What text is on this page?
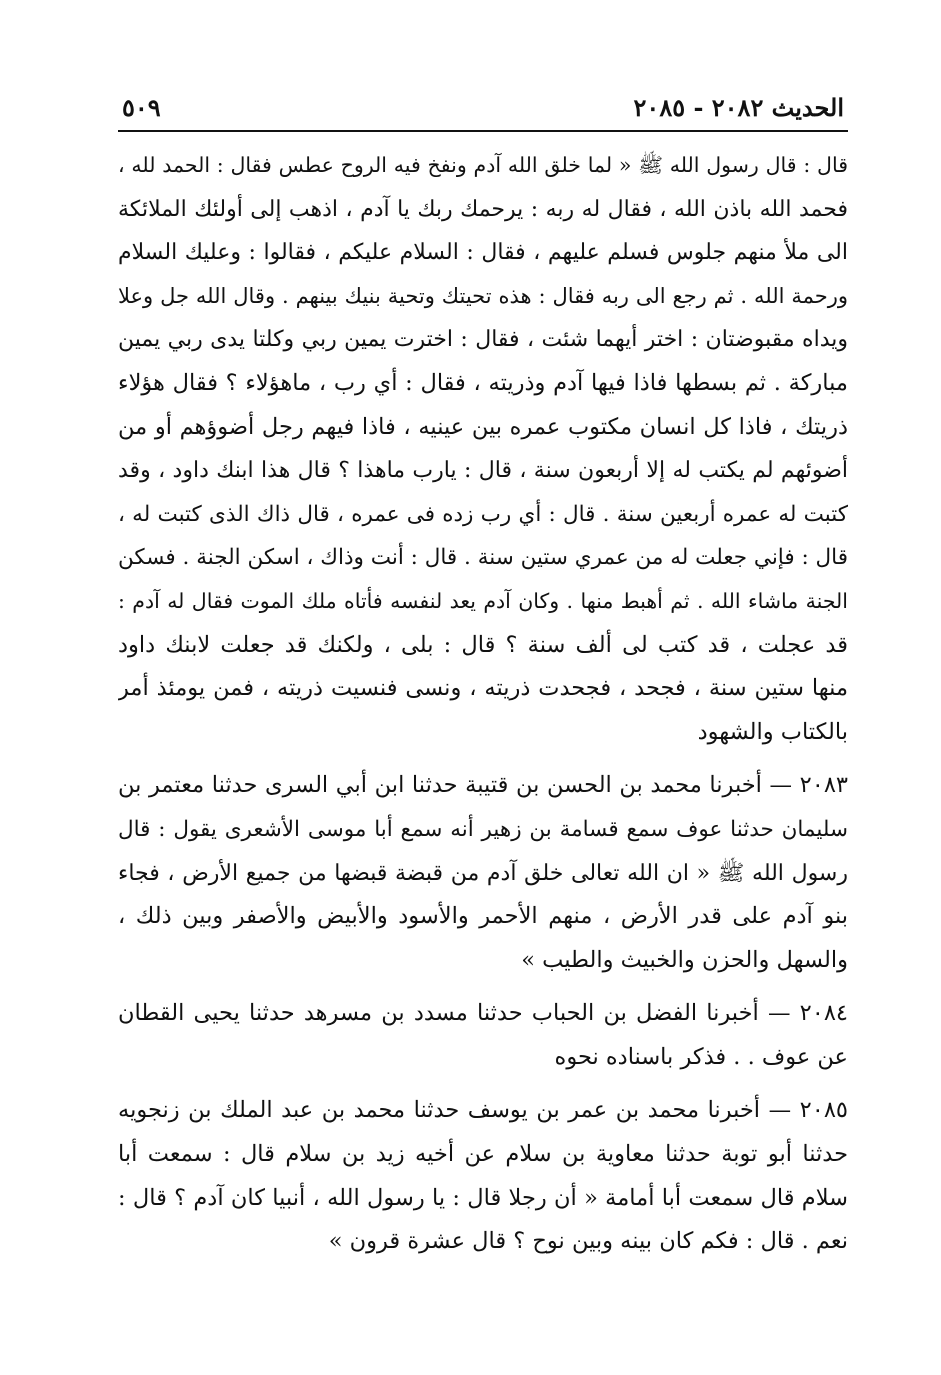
الحديث ٢٠٨٢ - ٢٠٨٥
٥٠٩
قال : قال رسول الله ﷺ « لما خلق الله آدم ونفخ فيه الروح عطس فقال : الحمد لله ،
فحمد الله باذن الله ، فقال له ربه : يرحمك ربك يا آدم ، اذهب إلى أولئك الملائكة
الى ملأ منهم جلوس فسلم عليهم ، فقال : السلام عليكم ، فقالوا : وعليك السلام
ورحمة الله . ثم رجع الى ربه فقال : هذه تحيتك وتحية بنيك بينهم . وقال الله جل وعلا
ويداه مقبوضتان : اختر أيهما شئت ، فقال : اخترت يمين ربي وكلتا يدى ربي يمين
مباركة . ثم بسطها فاذا فيها آدم وذريته ، فقال : أي رب ، ماهؤلاء ؟ فقال هؤلاء
ذريتك ، فاذا كل انسان مكتوب عمره بين عينيه ، فاذا فيهم رجل أضوؤهم أو من
أضوئهم لم يكتب له إلا أربعون سنة ، قال : يارب ماهذا ؟ قال هذا ابنك داود ، وقد
كتبت له عمره أربعين سنة . قال : أي رب زده فى عمره ، قال ذاك الذى كتبت له ،
قال : فإني جعلت له من عمري ستين سنة . قال : أنت وذاك ، اسكن الجنة . فسكن
الجنة ماشاء الله . ثم أهبط منها . وكان آدم يعد لنفسه فأتاه ملك الموت فقال له آدم :
قد عجلت ، قد كتب لى ألف سنة ؟ قال : بلى ، ولكنك قد جعلت لابنك داود
منها ستين سنة ، فجحد ، فجحدت ذريته ، ونسى فنسيت ذريته ، فمن يومئذ أمر
بالكتاب والشهود
٢٠٨٣ — أخبرنا محمد بن الحسن بن قتيبة حدثنا ابن أبي السرى حدثنا معتمر بن
سليمان حدثنا عوف سمع قسامة بن زهير أنه سمع أبا موسى الأشعرى يقول : قال
رسول الله ﷺ « ان الله تعالى خلق آدم من قبضة قبضها من جميع الأرض ، فجاء
بنو آدم على قدر الأرض ، منهم الأحمر والأسود والأبيض والأصفر وبين ذلك ،
والسهل والحزن والخبيث والطيب »
٢٠٨٤ — أخبرنا الفضل بن الحباب حدثنا مسدد بن مسرهد حدثنا يحيى القطان
عن عوف . . فذكر باسناده نحوه
٢٠٨٥ — أخبرنا محمد بن عمر بن يوسف حدثنا محمد بن عبد الملك بن زنجويه
حدثنا أبو توبة حدثنا معاوية بن سلام عن أخيه زيد بن سلام قال : سمعت أبا
سلام قال سمعت أبا أمامة « أن رجلا قال : يا رسول الله ، أنبيا كان آدم ؟ قال :
نعم . قال : فكم كان بينه وبين نوح ؟ قال عشرة قرون »
